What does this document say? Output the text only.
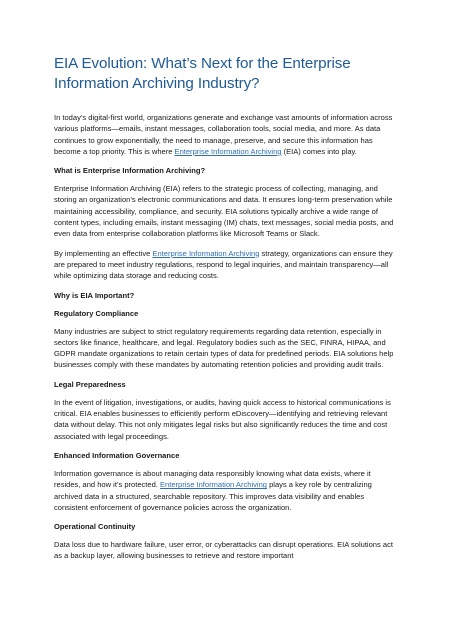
EIA Evolution: What’s Next for the Enterprise Information Archiving Industry?

In today’s digital-first world, organizations generate and exchange vast amounts of information across various platforms—emails, instant messages, collaboration tools, social media, and more. As data continues to grow exponentially, the need to manage, preserve, and secure this information has become a top priority. This is where Enterprise Information Archiving (EIA) comes into play.

What is Enterprise Information Archiving?

Enterprise Information Archiving (EIA) refers to the strategic process of collecting, managing, and storing an organization’s electronic communications and data. It ensures long-term preservation while maintaining accessibility, compliance, and security. EIA solutions typically archive a wide range of content types, including emails, instant messaging (IM) chats, text messages, social media posts, and even data from enterprise collaboration platforms like Microsoft Teams or Slack.

By implementing an effective Enterprise Information Archiving strategy, organizations can ensure they are prepared to meet industry regulations, respond to legal inquiries, and maintain transparency—all while optimizing data storage and reducing costs.

Why is EIA Important?
Regulatory Compliance

Many industries are subject to strict regulatory requirements regarding data retention, especially in sectors like finance, healthcare, and legal. Regulatory bodies such as the SEC, FINRA, HIPAA, and GDPR mandate organizations to retain certain types of data for predefined periods. EIA solutions help businesses comply with these mandates by automating retention policies and providing audit trails.

Legal Preparedness

In the event of litigation, investigations, or audits, having quick access to historical communications is critical. EIA enables businesses to efficiently perform eDiscovery—identifying and retrieving relevant data without delay. This not only mitigates legal risks but also significantly reduces the time and cost associated with legal proceedings.

Enhanced Information Governance

Information governance is about managing data responsibly knowing what data exists, where it resides, and how it’s protected. Enterprise Information Archiving plays a key role by centralizing archived data in a structured, searchable repository. This improves data visibility and enables consistent enforcement of governance policies across the organization.

Operational Continuity

Data loss due to hardware failure, user error, or cyberattacks can disrupt operations. EIA solutions act as a backup layer, allowing businesses to retrieve and restore important
